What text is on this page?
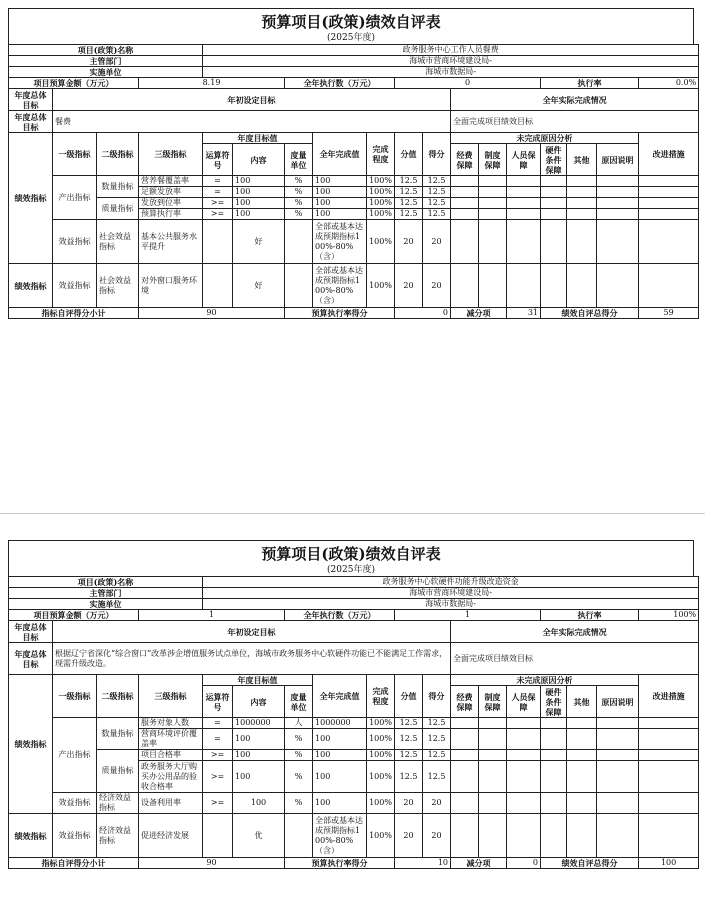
预算项目(政策)绩效自评表
(2025年度)
项目(政策)名称				政务服务中心工作人员餐费													
主管部门				海城市营商环境建设局-													
实施单位				海城市数据局-													
项目预算金额（万元）			8.19			全年执行数（万元）			0					执行率			0.0%
年度总体目标	年初设定目标										全年实际完成情况						
年度总体目标	餐费										全面完成项目绩效目标						
绩效指标	一级指标	二级指标	三级指标	年度目标值			全年完成值	完成程度	分值	得分	未完成原因分析						改进措施
				运算符号	内容	度量单位					经费保障	制度保障	人员保障	硬件条件保障	其他	原因说明	
	产出指标	数量指标	营养餐覆盖率	=	100	%	100	100%	12.5	12.5							
			足额发放率	=	100	%	100	100%	12.5	12.5							
		质量指标	发放到位率	>=	100	%	100	100%	12.5	12.5							
			预算执行率	>=	100	%	100	100%	12.5	12.5							
	效益指标	社会效益指标	基本公共服务水平提升		好		全部或基本达成预期指标100%-80%（含）	100%	20	20							
绩效指标	效益指标	社会效益指标	对外窗口服务环境		好		全部或基本达成预期指标100%-80%（含）	100%	20	20							
指标自评得分小计			90			预算执行率得分			0		减分项		31	绩效自评总得分			59
预算项目(政策)绩效自评表
(2025年度)
项目(政策)名称				政务服务中心软硬件功能升级改造资金													
主管部门				海城市营商环境建设局-													
实施单位				海城市数据局-													
项目预算金额（万元）			1			全年执行数（万元）			1					执行率			100%
年度总体目标	年初设定目标										全年实际完成情况						
年度总体目标	根据辽宁省深化“综合窗口”改革涉企增值服务试点单位，海城市政务服务中心软硬件功能已不能满足工作需求，现需升级改造。										全面完成项目绩效目标						
绩效指标	一级指标	二级指标	三级指标	年度目标值			全年完成值	完成程度	分值	得分	未完成原因分析						改进措施
				运算符号	内容	度量单位					经费保障	制度保障	人员保障	硬件条件保障	其他	原因说明	
	产出指标	数量指标	服务对象人数	=	1000000	人	1000000	100%	12.5	12.5							
			营商环境评价覆盖率	=	100	%	100	100%	12.5	12.5							
		质量指标	项目合格率	>=	100	%	100	100%	12.5	12.5							
			政务服务大厅购买办公用品的验收合格率	>=	100	%	100	100%	12.5	12.5							
	效益指标	经济效益指标	设备利用率	>=	100	%	100	100%	20	20							
绩效指标	效益指标	经济效益指标	促进经济发展		优		全部或基本达成预期指标100%-80%（含）	100%	20	20							
指标自评得分小计			90			预算执行率得分			10		减分项		0	绩效自评总得分			100
